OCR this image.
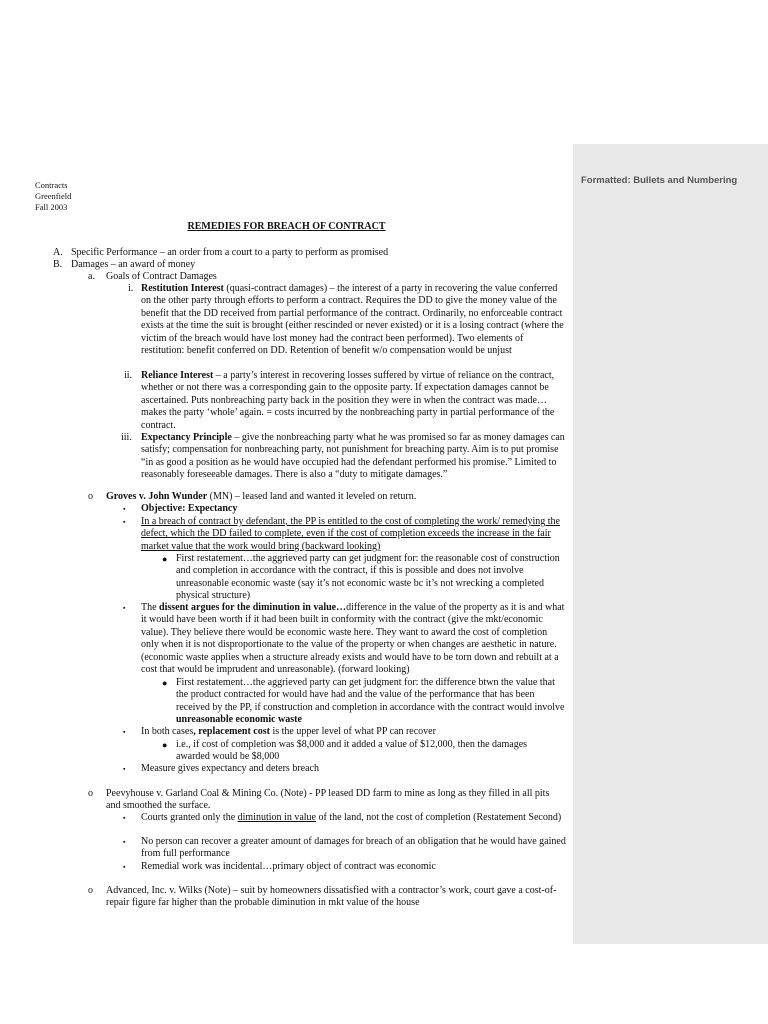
Contracts
Greenfield
Fall 2003
REMEDIES FOR BREACH OF CONTRACT
A. Specific Performance – an order from a court to a party to perform as promised
B. Damages – an award of money
a. Goals of Contract Damages
i. Restitution Interest (quasi-contract damages) – the interest of a party in recovering the value conferred on the other party through efforts to perform a contract. Requires the DD to give the money value of the benefit that the DD received from partial performance of the contract. Ordinarily, no enforceable contract exists at the time the suit is brought (either rescinded or never existed) or it is a losing contract (where the victim of the breach would have lost money had the contract been performed). Two elements of restitution: benefit conferred on DD. Retention of benefit w/o compensation would be unjust
ii. Reliance Interest – a party’s interest in recovering losses suffered by virtue of reliance on the contract, whether or not there was a corresponding gain to the opposite party. If expectation damages cannot be ascertained. Puts nonbreaching party back in the position they were in when the contract was made…makes the party ‘whole’ again. = costs incurred by the nonbreaching party in partial performance of the contract.
iii. Expectancy Principle – give the nonbreaching party what he was promised so far as money damages can satisfy; compensation for nonbreaching party, not punishment for breaching party. Aim is to put promise “in as good a position as he would have occupied had the defendant performed his promise.” Limited to reasonably foreseeable damages. There is also a “duty to mitigate damages.”
o Groves v. John Wunder (MN) – leased land and wanted it leveled on return.
▪ Objective: Expectancy
▪ In a breach of contract by defendant, the PP is entitled to the cost of completing the work/ remedying the defect, which the DD failed to complete, even if the cost of completion exceeds the increase in the fair market value that the work would bring (backward looking)
● First restatement…the aggrieved party can get judgment for: the reasonable cost of construction and completion in accordance with the contract, if this is possible and does not involve unreasonable economic waste (say it’s not economic waste bc it’s not wrecking a completed physical structure)
▪ The dissent argues for the diminution in value…difference in the value of the property as it is and what it would have been worth if it had been built in conformity with the contract (give the mkt/economic value). They believe there would be economic waste here. They want to award the cost of completion only when it is not disproportionate to the value of the property or when changes are aesthetic in nature. (economic waste applies when a structure already exists and would have to be torn down and rebuilt at a cost that would be imprudent and unreasonable). (forward looking)
● First restatement…the aggrieved party can get judgment for: the difference btwn the value that the product contracted for would have had and the value of the performance that has been received by the PP, if construction and completion in accordance with the contract would involve unreasonable economic waste
▪ In both cases, replacement cost is the upper level of what PP can recover
● i.e., if cost of completion was $8,000 and it added a value of $12,000, then the damages awarded would be $8,000
▪ Measure gives expectancy and deters breach
o Peevyhouse v. Garland Coal & Mining Co. (Note) - PP leased DD farm to mine as long as they filled in all pits and smoothed the surface.
▪ Courts granted only the diminution in value of the land, not the cost of completion (Restatement Second)
▪ No person can recover a greater amount of damages for breach of an obligation that he would have gained from full performance
▪ Remedial work was incidental…primary object of contract was economic
o Advanced, Inc. v. Wilks (Note) – suit by homeowners dissatisfied with a contractor’s work, court gave a cost-of-repair figure far higher than the probable diminution in mkt value of the house
Formatted: Bullets and Numbering
